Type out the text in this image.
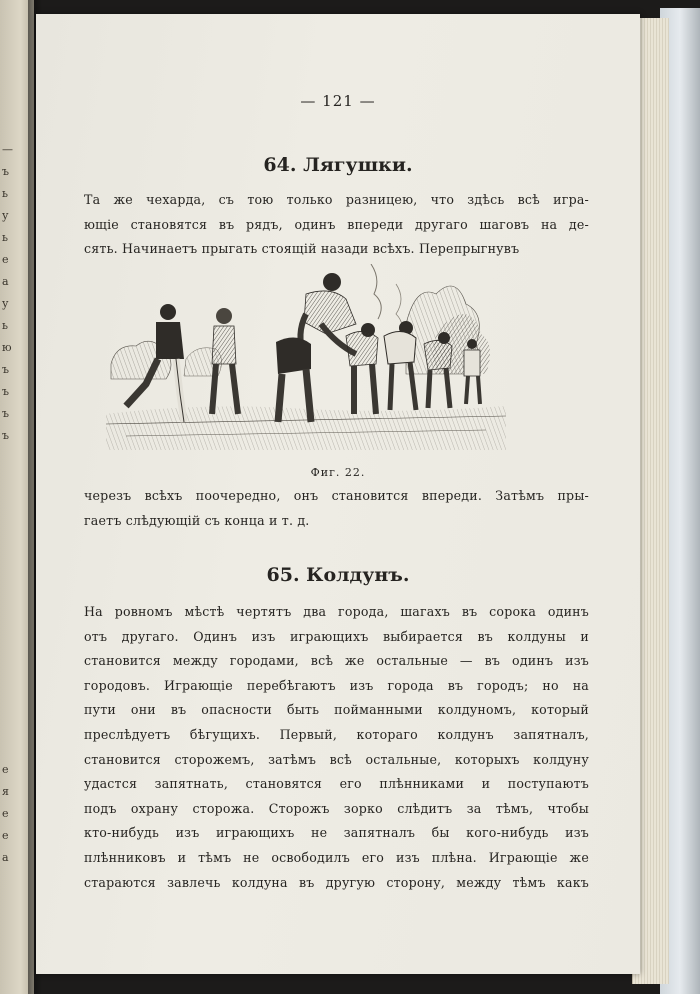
—
ъ
ь
у
ь
е
а
у
ь
ю
ъ
ъ
ъ
ъ
е
я
е
е
а
— 121 —
64. Лягушки.
Та же чехарда, съ тою только разницею, что здѣсь всѣ игра-
ющіе становятся въ рядъ, одинъ впереди другаго шаговъ на де-
сять. Начинаетъ прыгать стоящій назади всѣхъ. Перепрыгнувъ
Фиг. 22.
черезъ всѣхъ поочередно, онъ становится впереди. Затѣмъ пры-
гаетъ слѣдующій съ конца и т. д.
65. Колдунъ.
На ровномъ мѣстѣ чертятъ два города, шагахъ въ сорока одинъ
отъ другаго. Одинъ изъ играющихъ выбирается въ колдуны и
становится между городами, всѣ же остальные — въ одинъ изъ
городовъ. Играющіе перебѣгаютъ изъ города въ городъ; но на
пути они въ опасности быть пойманными колдуномъ, который
преслѣдуетъ бѣгущихъ. Первый, котораго колдунъ запятналъ,
становится сторожемъ, затѣмъ всѣ остальные, которыхъ колдуну
удастся запятнать, становятся его плѣнниками и поступаютъ
подъ охрану сторожа. Сторожъ зорко слѣдитъ за тѣмъ, чтобы
кто-нибудь изъ играющихъ не запятналъ бы кого-нибудь изъ
плѣнниковъ и тѣмъ не освободилъ его изъ плѣна. Играющіе же
стараются завлечь колдуна въ другую сторону, между тѣмъ какъ
